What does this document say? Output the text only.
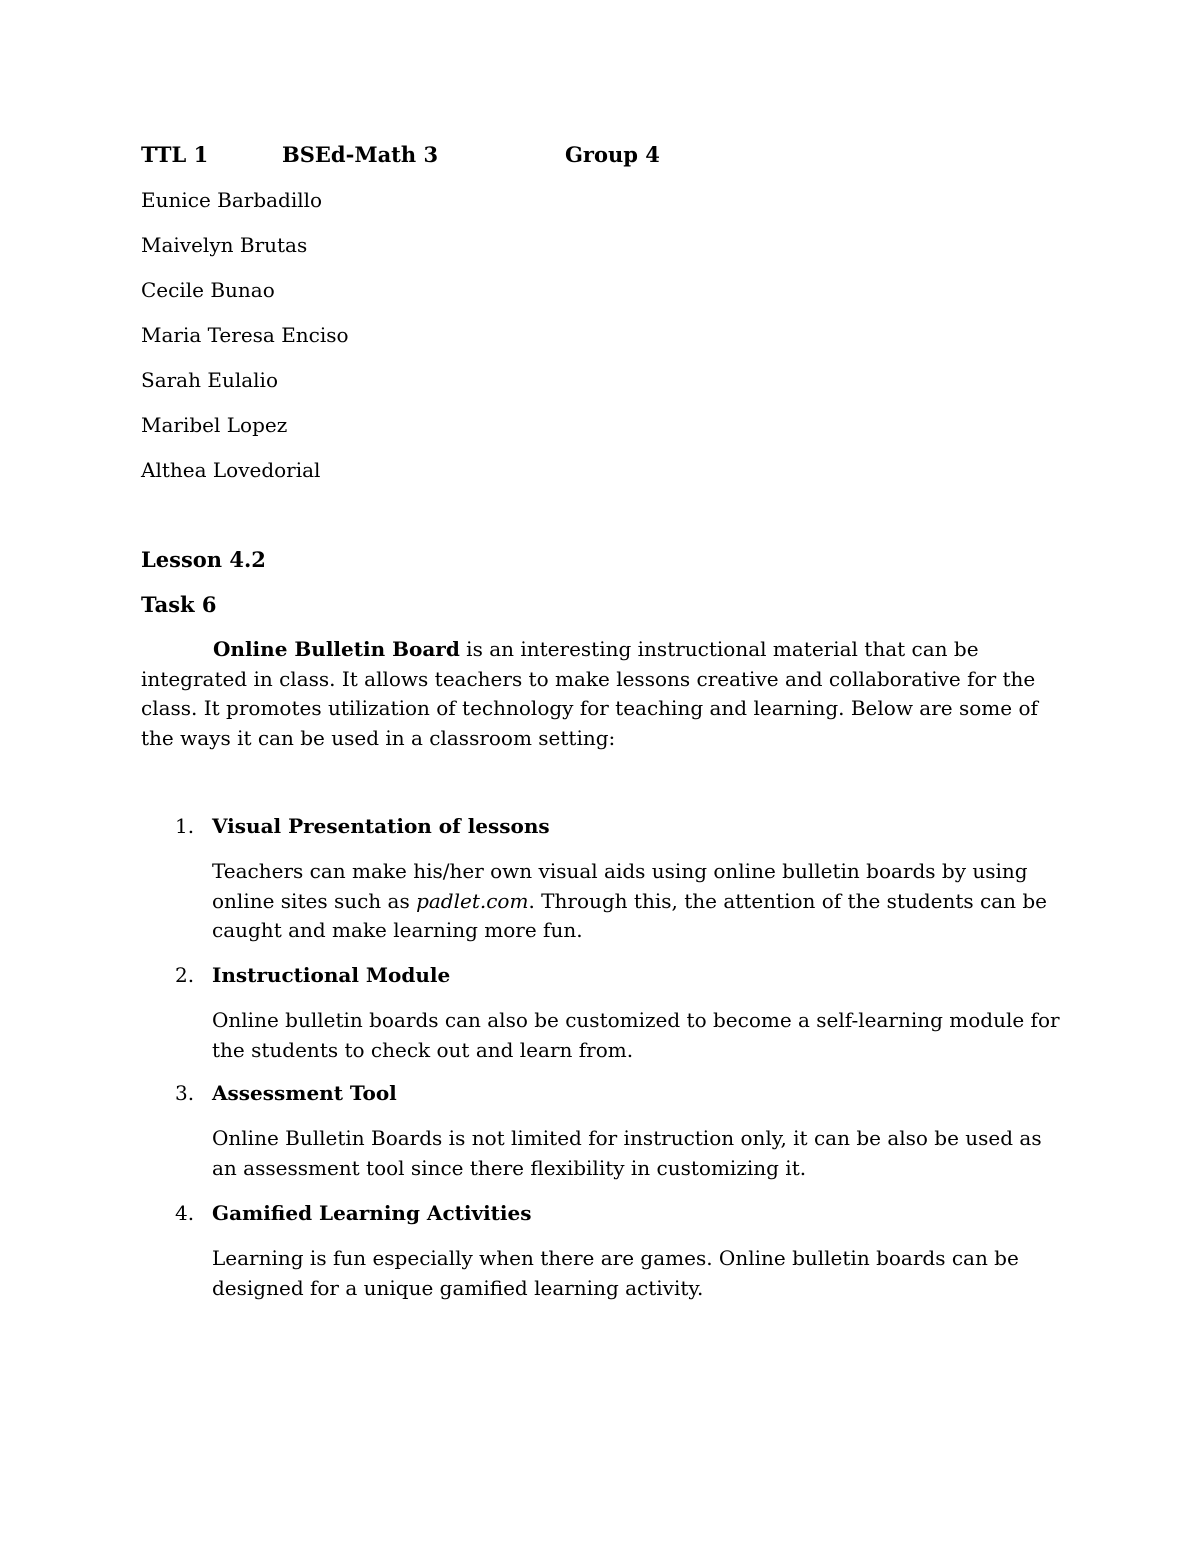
TTL 1	BSEd-Math 3	Group 4
Eunice Barbadillo
Maivelyn Brutas
Cecile Bunao
Maria Teresa Enciso
Sarah Eulalio
Maribel Lopez
Althea Lovedorial
Lesson 4.2
Task 6

Online Bulletin Board is an interesting instructional material that can be integrated in class. It allows teachers to make lessons creative and collaborative for the class. It promotes utilization of technology for teaching and learning. Below are some of the ways it can be used in a classroom setting:

1. Visual Presentation of lessons

Teachers can make his/her own visual aids using online bulletin boards by using online sites such as padlet.com. Through this, the attention of the students can be caught and make learning more fun.

2. Instructional Module

Online bulletin boards can also be customized to become a self-learning module for the students to check out and learn from.

3. Assessment Tool

Online Bulletin Boards is not limited for instruction only, it can be also be used as an assessment tool since there flexibility in customizing it.

4. Gamified Learning Activities

Learning is fun especially when there are games. Online bulletin boards can be designed for a unique gamified learning activity.
